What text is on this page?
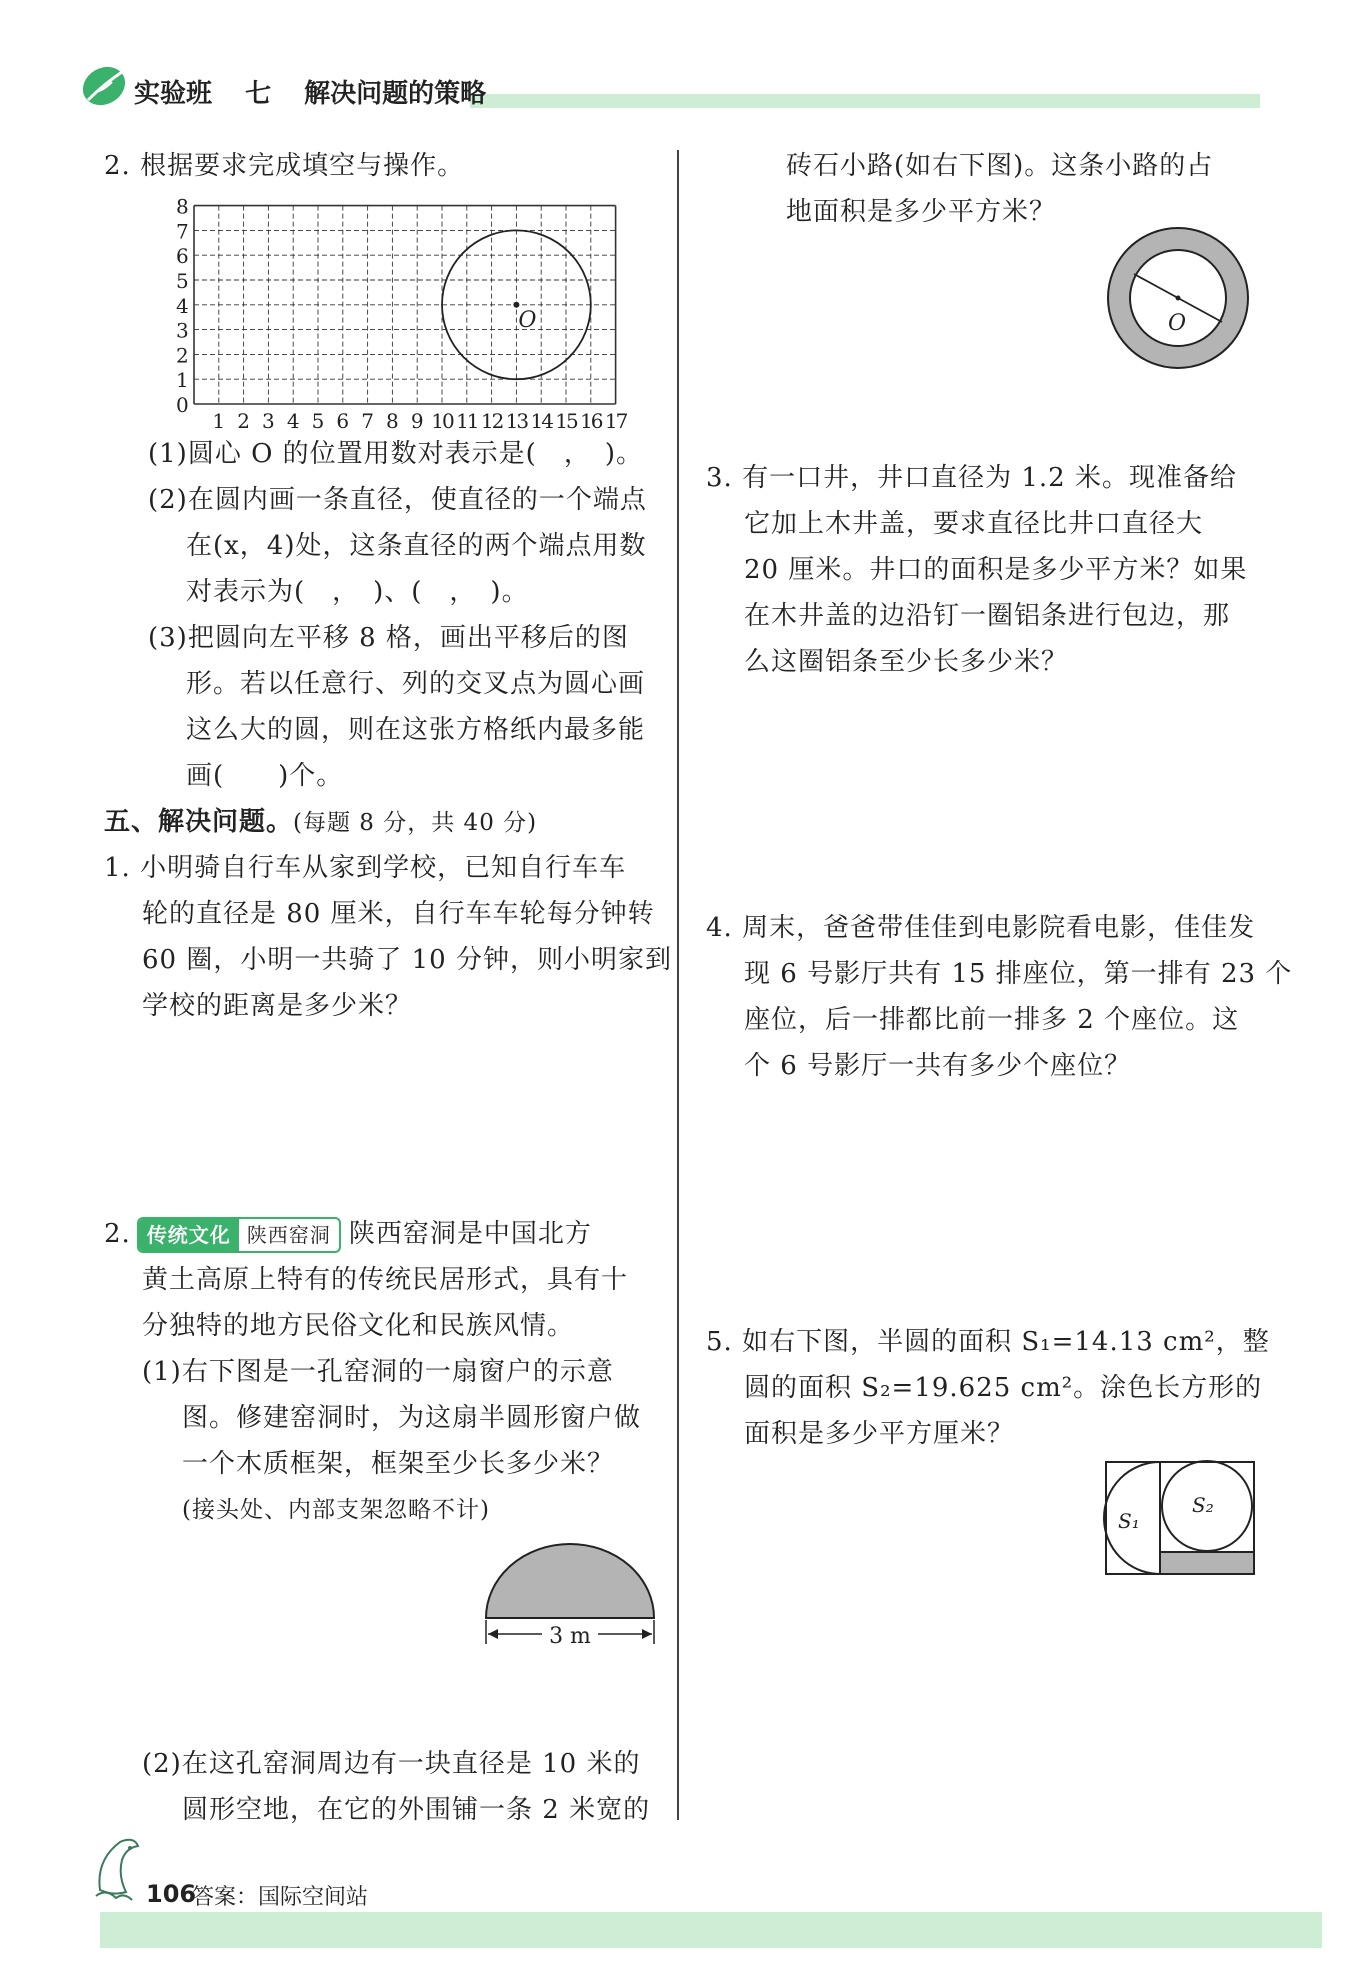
实验班 七 解决问题的策略
2. 根据要求完成填空与操作。
8
7
6
5
4
3
2
1
0
1 2 3 4 5 6 7 8 9 10 11 12 13 14 15 16 17
O
(1)圆心 O 的位置用数对表示是(　，　)。
(2)在圆内画一条直径，使直径的一个端点
在(x，4)处，这条直径的两个端点用数
对表示为(　，　)、(　，　)。
(3)把圆向左平移 8 格，画出平移后的图
形。若以任意行、列的交叉点为圆心画
这么大的圆，则在这张方格纸内最多能
画(　　)个。
五、解决问题。(每题 8 分，共 40 分)
1. 小明骑自行车从家到学校，已知自行车车
轮的直径是 80 厘米，自行车车轮每分钟转
60 圈，小明一共骑了 10 分钟，则小明家到
学校的距离是多少米？
2. 传统文化 陕西窑洞 陕西窑洞是中国北方
黄土高原上特有的传统民居形式，具有十
分独特的地方民俗文化和民族风情。
(1)右下图是一孔窑洞的一扇窗户的示意
图。修建窑洞时，为这扇半圆形窗户做
一个木质框架，框架至少长多少米？
(接头处、内部支架忽略不计)
3 m
(2)在这孔窑洞周边有一块直径是 10 米的
圆形空地，在它的外围铺一条 2 米宽的
砖石小路(如右下图)。这条小路的占
地面积是多少平方米？
O
3. 有一口井，井口直径为 1.2 米。现准备给
它加上木井盖，要求直径比井口直径大
20 厘米。井口的面积是多少平方米？如果
在木井盖的边沿钉一圈铝条进行包边，那
么这圈铝条至少长多少米？
4. 周末，爸爸带佳佳到电影院看电影，佳佳发
现 6 号影厅共有 15 排座位，第一排有 23 个
座位，后一排都比前一排多 2 个座位。这
个 6 号影厅一共有多少个座位？
5. 如右下图，半圆的面积 S₁=14.13 cm²，整
圆的面积 S₂=19.625 cm²。涂色长方形的
面积是多少平方厘米？
S₁
S₂
106
答案：国际空间站
